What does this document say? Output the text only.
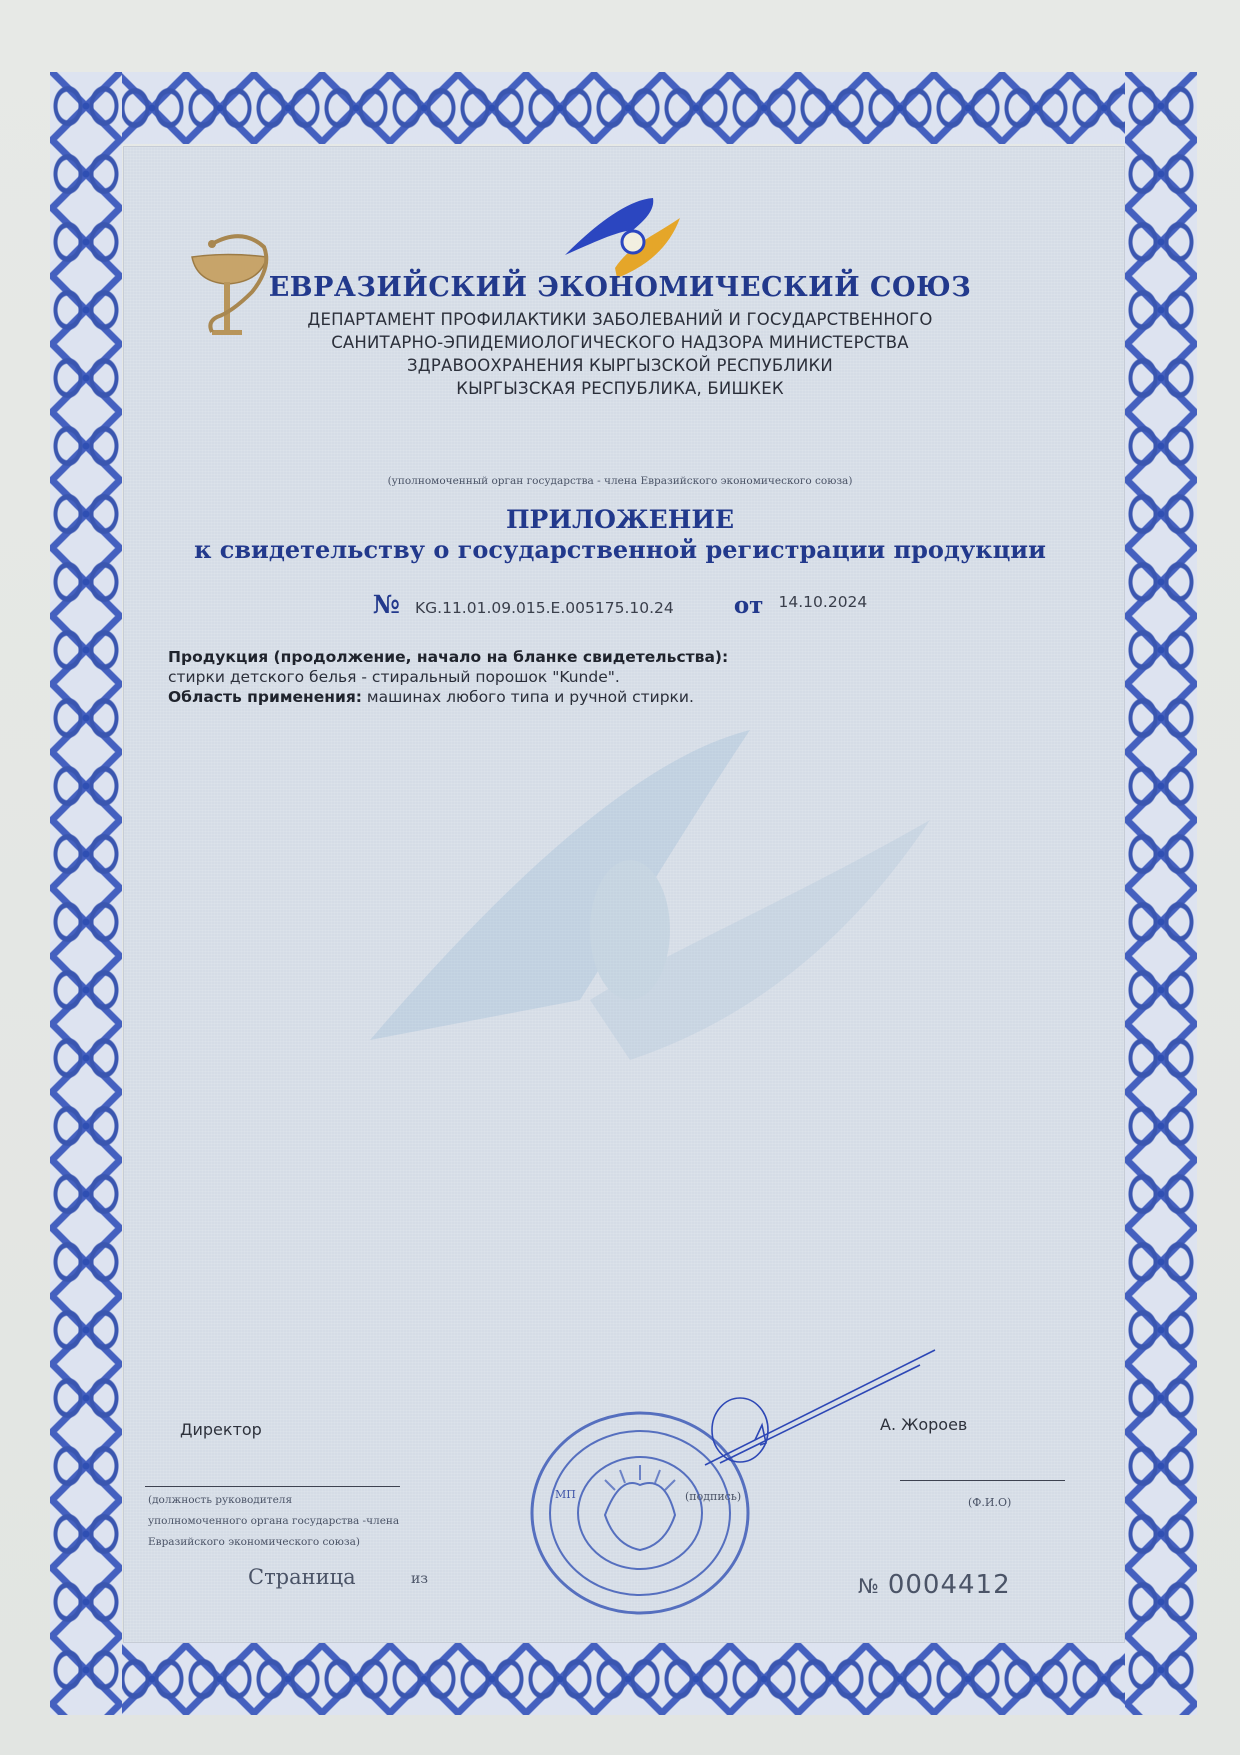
ЕВРАЗИЙСКИЙ ЭКОНОМИЧЕСКИЙ СОЮЗ
ДЕПАРТАМЕНТ ПРОФИЛАКТИКИ ЗАБОЛЕВАНИЙ И ГОСУДАРСТВЕННОГО
САНИТАРНО-ЭПИДЕМИОЛОГИЧЕСКОГО НАДЗОРА МИНИСТЕРСТВА
ЗДРАВООХРАНЕНИЯ КЫРГЫЗСКОЙ РЕСПУБЛИКИ
КЫРГЫЗСКАЯ РЕСПУБЛИКА, БИШКЕК
(уполномоченный орган государства - члена Евразийского экономического союза)
ПРИЛОЖЕНИЕ
к свидетельству о государственной регистрации продукции
№ KG.11.01.09.015.E.005175.10.24	от 14.10.2024
Продукция (продолжение, начало на бланке свидетельства):
стирки детского белья - стиральный порошок "Kunde".
Область применения: машинах любого типа и ручной стирки.
Директор
(должность руководителя
уполномоченного органа государства -члена
Евразийского экономического союза)
МП	(подпись)
А. Жороев
(Ф.И.О)
Страница	из	№ 0004412
